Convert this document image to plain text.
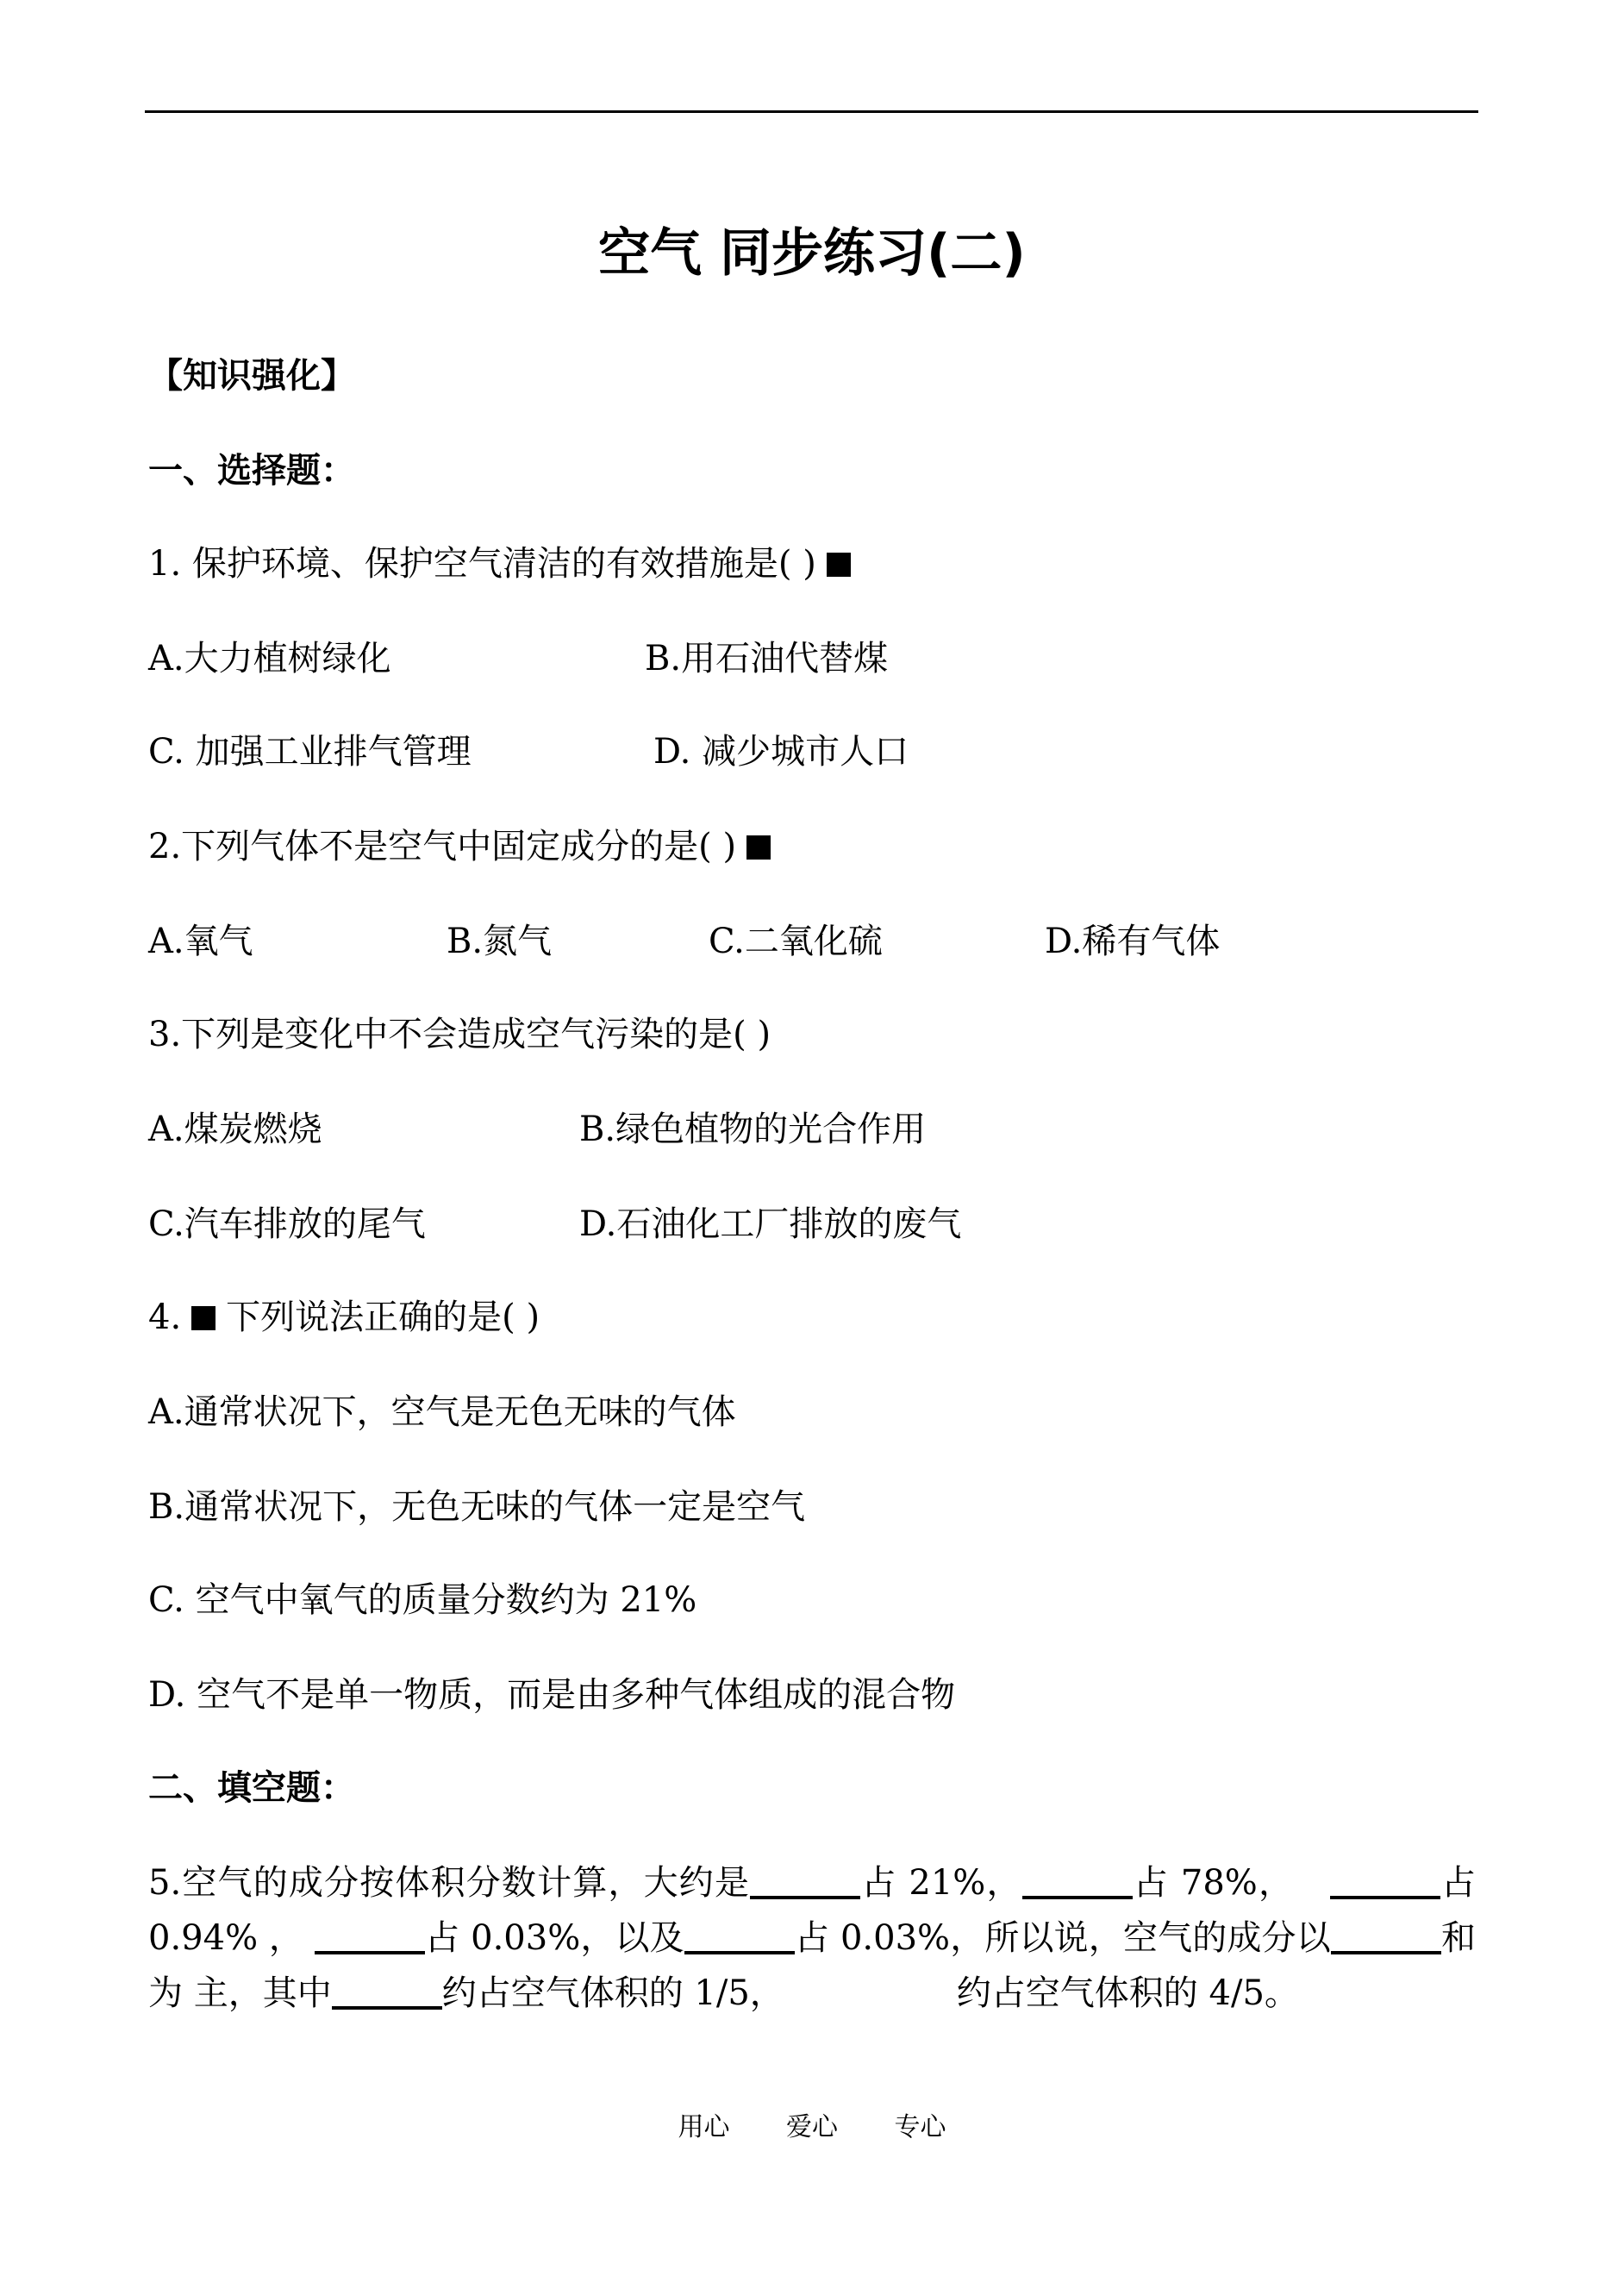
空气 同步练习(二)
【知识强化】
一、选择题：
1. 保护环境、保护空气清洁的有效措施是( )
A.大力植树绿化	B.用石油代替煤
C. 加强工业排气管理	D. 减少城市人口
2.下列气体不是空气中固定成分的是( )
A.氧气	B.氮气	C.二氧化硫	D.稀有气体
3.下列是变化中不会造成空气污染的是( )
A.煤炭燃烧	B.绿色植物的光合作用
C.汽车排放的尾气	D.石油化工厂排放的废气
4. 下列说法正确的是( )
A.通常状况下，空气是无色无味的气体
B.通常状况下，无色无味的气体一定是空气
C. 空气中氧气的质量分数约为 21%
D. 空气不是单一物质，而是由多种气体组成的混合物
二、填空题：
5.空气的成分按体积分数计算，大约是	占 21%，	占 78%，	占 0.94% ，	占 0.03%，以及	占 0.03%，所以说，空气的成分以	和为 主，其中	约占空气体积的 1/5，	约占空气体积的 4/5。
用心 爱心 专心
